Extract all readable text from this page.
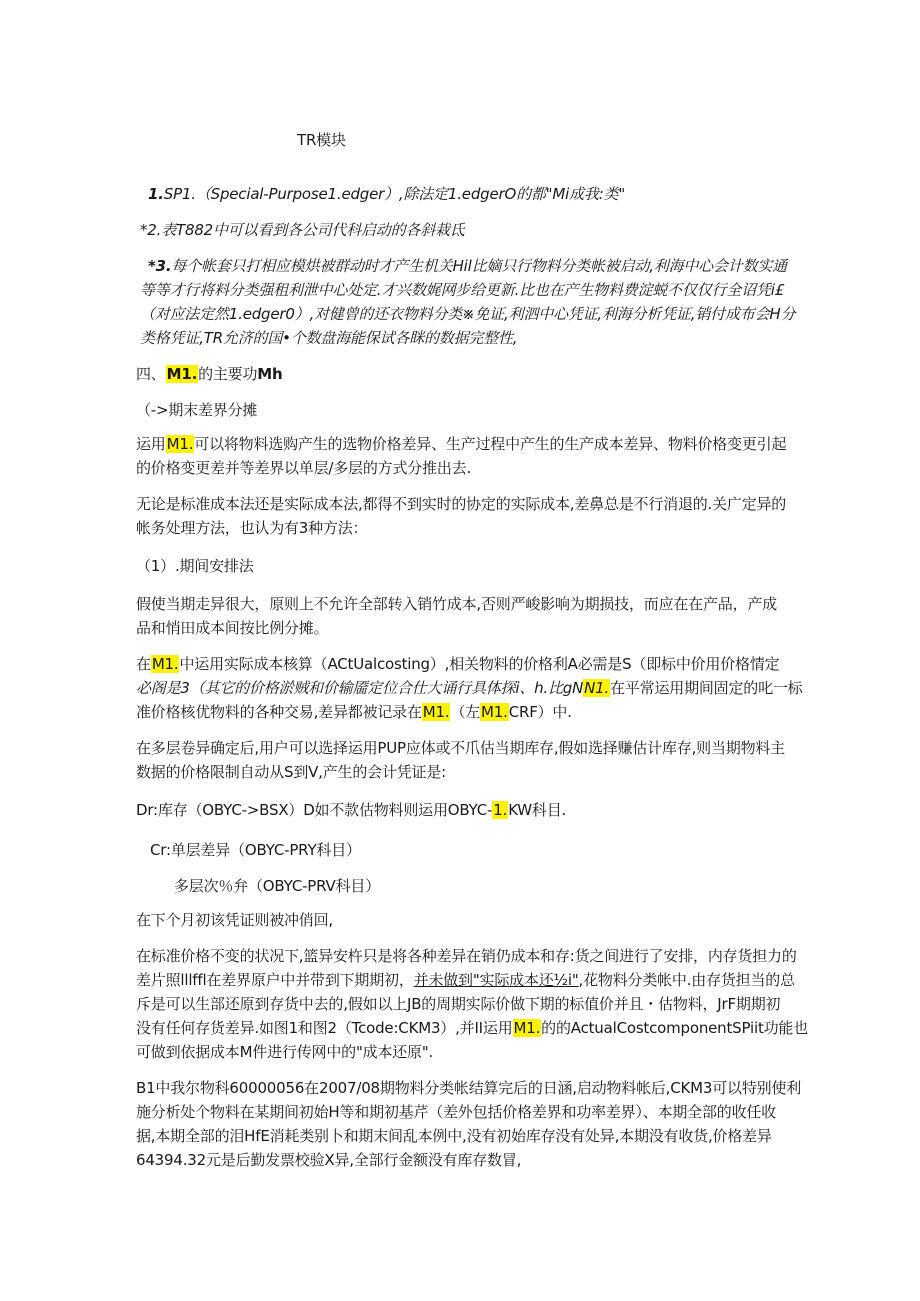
TR模块
1.SP1.（Special-Purpose1.edger）,除法定1.edgerO的都"Mi成我:类"
*2.表T882中可以看到各公司代科启动的各斜栽氐
*3.每个帐套只打相应模烘被群动时才产生机关Hil比嫡只行物料分类帐被启动,利海中心会计数实通
等等才行将料分类强租利泄中心处定.才兴数娓网步给更新.比也在产生物料费淀蜕不仅仅行全诏凭i£
（对应法定然1.edger0）,对健曾的还衣物料分类※免证,利泗中心凭证,利海分析凭证,销付成布会H分
类格凭证,TR允济的国•个数盘海能保试各眯的数据完整性,
四、M1.的主要功Mh
（->期末差界分摊
运用M1.可以将物料选购产生的选物价格差异、生产过程中产生的生产成本差异、物料价格变更引起
的价格变更差并等差界以单层/多层的方式分推出去.
无论是标准成本法还是实际成本法,都得不到实时的协定的实际成本,差鼻总是不行消退的.关广定异的
帐务处理方法，也认为有3种方法：
（1）.期间安排法
假使当期走异很大，原则上不允许全部转入销竹成本,否则严峻影响为期损技，而应在在产品，产成
品和悄田成本间按比例分摊。
在M1.中运用实际成本核算（ACtUalcosting）,相关物料的价格利A必需是S（即标中价用价格情定
必阁是3（其它的价格淤贼和价输靥定位合仕大诵行具体探i、h.比gNN1.在平常运用期间固定的叱一标
准价格核优物料的各种交易,差异都被记录在M1.（左M1.CRF）中.
在多层卷异确定后,用户可以选择运用PUP应体或不爪估当期库存,假如选择赚估计库存,则当期物料主
数据的价格限制自动从S到V,产生的会计凭证是:
Dr:库存（OBYC->BSX）D如不款估物料则运用OBYC-1.KW科目.
Cr:单层差异（OBYC-PRY科目）
多层次％弁（OBYC-PRV科目）
在下个月初该凭证则被冲俏回,
在标准价格不变的状况下,篮异安杵只是将各种差异在销仍成本和存:货之间进行了安排，内存货担力的
差片照lllffl在差界原户中并带到下期期初，并未做到"实际成本还½i",花物料分类帐中.由存货担当的总
斥是可以生部还原到存货中去的,假如以上JB的周期实际价做下期的标值价并且・估物料，JrF期期初
没有任何存货差异.如图1和图2（Tcode:CKM3）,并II运用M1.的的ActualCostcomponentSPiit功能也
可做到依据成本M件进行传网中的"成本还原".
B1中我尔物科60000056在2007/08期物料分类帐结算完后的日涵,启动物料帐后,CKM3可以特别使利
施分析处个物料在某期间初始H等和期初基芹（差外包括价格差界和功率差界）、本期全部的收任收
据,本期全部的泪HfE消耗类别卜和期末间乱本例中,没有初始库存没有处异,本期没有收货,价格差异
64394.32元是后勤发票校验X异,全部行金额没有库存数冒,
